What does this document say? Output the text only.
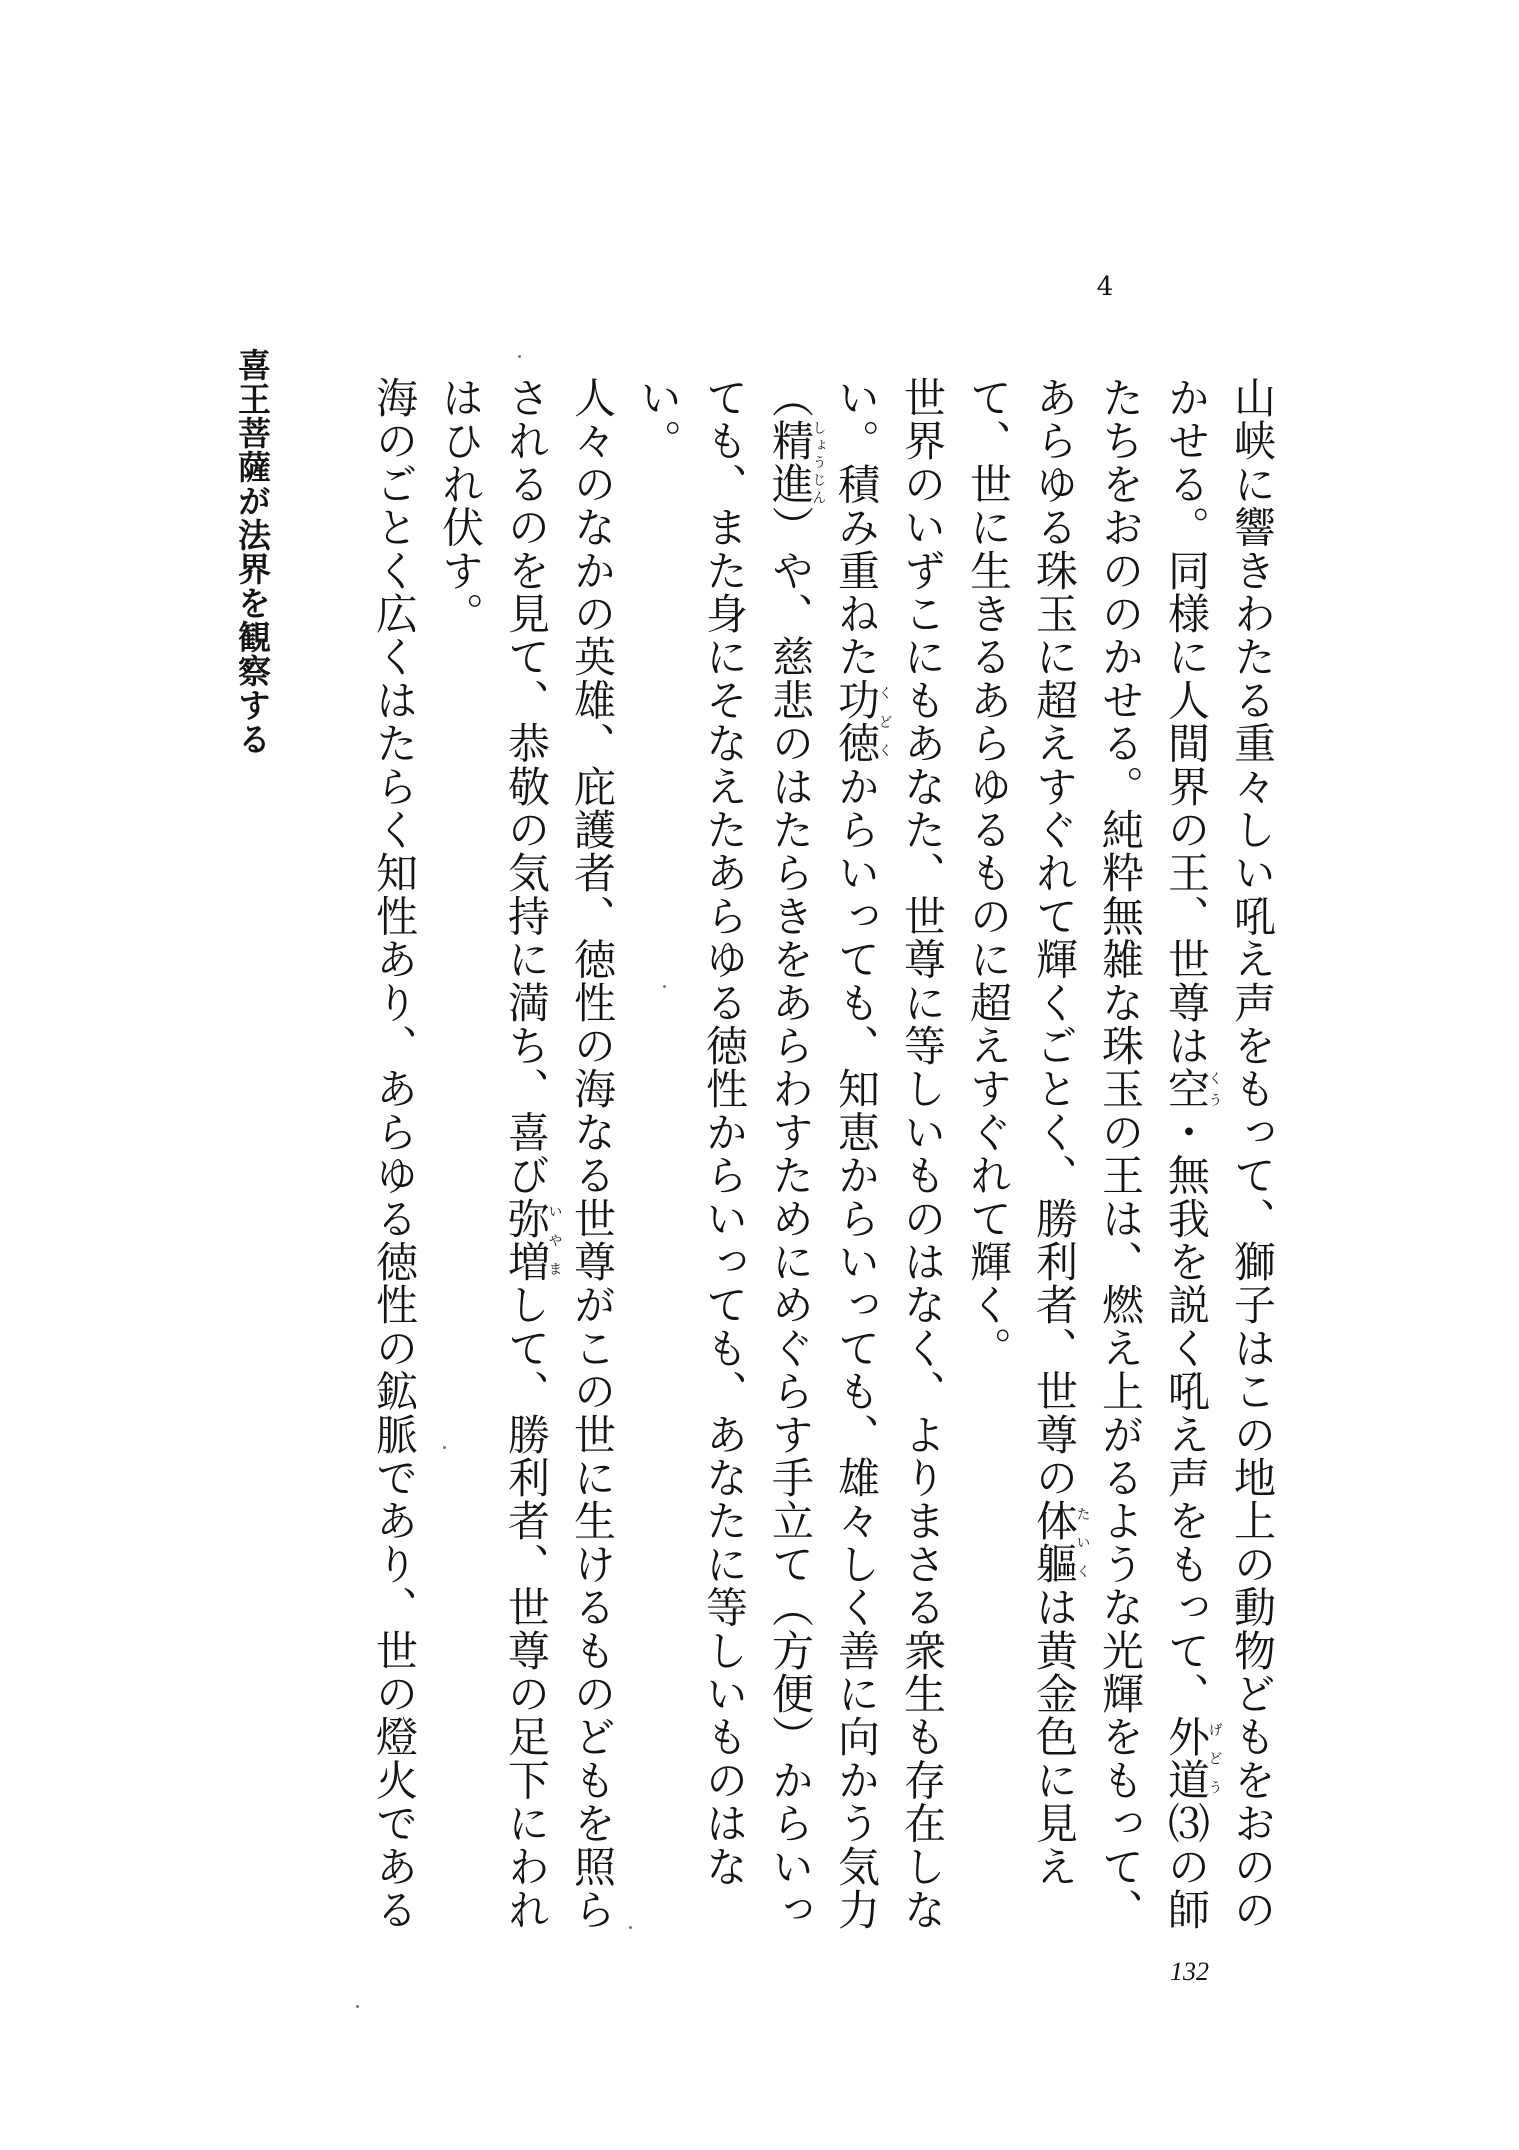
4

山峡に響きわたる重々しい吼え声をもって、獅子はこの地上の動物どもをおののかせる。同様に人間界の王、世尊は空くう・無我を説く吼え声をもって、外道げどう⑶の師たちをおののかせる。純粋無雑な珠玉の王は、燃え上がるような光輝をもって、あらゆる珠玉に超えすぐれて輝くごとく、勝利者、世尊の体軀たいくは黄金色に見えて、世に生きるあらゆるものに超えすぐれて輝く。

世界のいずこにもあなた、世尊に等しいものはなく、よりまさる衆生も存在しない。積み重ねた功徳くどくからいっても、知恵からいっても、雄々しく善に向かう気力（精進しょうじん）や、慈悲のはたらきをあらわすためにめぐらす手立て（方便）からいっても、また身にそなえたあらゆる徳性からいっても、あなたに等しいものはない。

人々のなかの英雄、庇護者、徳性の海なる世尊がこの世に生けるものどもを照らされるのを見て、恭敬の気持に満ち、喜び弥増いやまして、勝利者、世尊の足下にわれはひれ伏す。

海のごとく広くはたらく知性あり、あらゆる徳性の鉱脈であり、世の燈火である

喜王菩薩が法界を観察する
132
